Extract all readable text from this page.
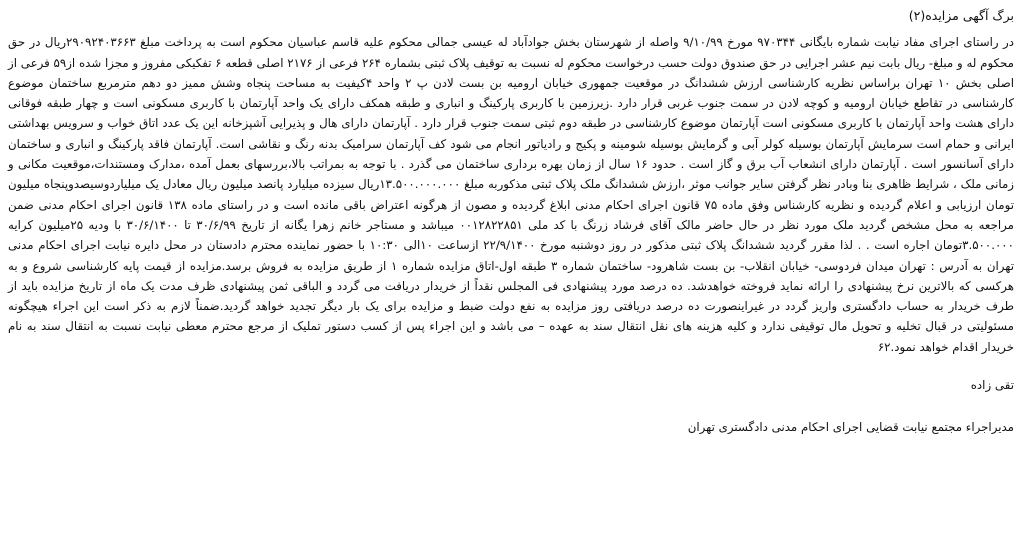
برگ آگهی مزایده(۲)

در راستای اجرای مفاد نیابت شماره بایگانی ۹۷۰۳۴۴ مورخ ۹/۱۰/۹۹ واصله از شهرستان بخش جوادآباد له عیسی جمالی محکوم علیه قاسم عباسیان محکوم است به پرداخت مبلغ ۲۹۰۹۲۴۰۳۶۶۳ریال در حق محکوم له و مبلغ- ریال بابت نیم عشر اجرایی در حق صندوق دولت حسب درخواست محکوم له نسبت به توقیف پلاک ثبتی بشماره ۲۶۴ فرعی از ۲۱۷۶ اصلی قطعه ۶ تفکیکی مفروز و مجزا شده از۵۹ فرعی از اصلی بخش ۱۰ تهران براساس نظریه کارشناسی ارزش ششدانگ در موقعیت جمهوری خیابان ارومیه بن بست لادن پ ۲ واحد ۴کیفیت به مساحت پنجاه وشش ممیز دو دهم مترمربع ساختمان موضوع کارشناسی در تقاطع خیابان ارومیه و کوچه لادن در سمت جنوب غربی قرار دارد .زیرزمین با کاربری پارکینگ و انباری و طبقه همکف دارای یک واحد آپارتمان با کاربری مسکونی است و چهار طبقه فوقانی دارای هشت واحد آپارتمان با کاربری مسکونی است آپارتمان موضوع کارشناسی در طبقه دوم ثبتی سمت جنوب قرار دارد . آپارتمان دارای هال و پذیرایی آشپزخانه این یک عدد اتاق خواب و سرویس بهداشتی ایرانی و حمام است سرمایش آپارتمان بوسیله کولر آبی و گرمایش بوسیله شومینه و پکیج و رادیاتور انجام می شود کف آپارتمان سرامیک بدنه رنگ و نقاشی است. آپارتمان فاقد پارکینگ و انباری و ساختمان دارای آسانسور است . آپارتمان دارای انشعاب آب برق و گاز است . حدود ۱۶ سال از زمان بهره برداری ساختمان می گذرد . با توجه به بمراتب بالا،بررسهای بعمل آمده ،مدارک ومستندات،موقعیت مکانی و زمانی ملک ، شرایط ظاهری بنا وبادر نظر گرفتن سایر جوانب موثر ،ارزش ششدانگ ملک پلاک ثبتی مذکوربه مبلغ ۱۳.۵۰۰.۰۰۰.۰۰۰ریال سیزده میلیارد پانصد میلیون ریال معادل یک میلیاردوسیصدوپنجاه میلیون تومان ارزیابی و اعلام گردیده و نظریه کارشناس وفق ماده ۷۵ قانون اجرای احکام مدنی ابلاغ گردیده و مصون از هرگونه اعتراض باقی مانده است و در راستای ماده ۱۳۸ قانون اجرای احکام مدنی ضمن مراجعه به محل مشخص گردید ملک مورد نظر در حال حاضر مالک آقای فرشاد زرنگ با کد ملی ۰۰۱۲۸۲۲۸۵۱ میباشد و مستاجر خانم زهرا یگانه از تاریخ ۳۰/۶/۹۹ تا ۳۰/۶/۱۴۰۰ با ودیه ۲۵میلیون کرایه ۳.۵۰۰.۰۰۰تومان اجاره است . . لذا مقرر گردید ششدانگ پلاک ثبتی مذکور در روز دوشنبه مورخ ۲۲/۹/۱۴۰۰ ازساعت ۱۰الی ۱۰:۳۰ با حضور نماینده محترم دادستان در محل دایره نیابت اجرای احکام مدنی تهران به آدرس : تهران میدان فردوسی- خیابان انقلاب- بن بست شاهرود- ساختمان شماره ۳ طبقه اول-اتاق مزایده شماره ۱ از طریق مزایده به فروش برسد.مزایده از قیمت پایه کارشناسی شروع و به هرکسی که بالاترین نرخ پیشنهادی را ارائه نماید فروخته خواهدشد. ده درصد مورد پیشنهادی فی المجلس نقداً از خریدار دریافت می گردد و الباقی ثمن پیشنهادی ظرف مدت یک ماه از تاریخ مزایده باید از طرف خریدار به حساب دادگستری واریز گردد در غیراینصورت ده درصد دریافتی روز مزایده به نفع دولت ضبط و مزایده برای یک بار دیگر تجدید خواهد گردید.ضمناً لازم به ذکر است این اجراء هیچگونه مسئولیتی در قبال تخلیه و تحویل مال توقیفی ندارد و کلیه هزینه های نقل انتقال سند به عهده – می باشد و این اجراء پس از کسب دستور تملیک از مرجع محترم معطی نیابت نسبت به انتقال سند به نام خریدار اقدام خواهد نمود.۶۲

تقی زاده

مدیراجراء مجتمع نیابت قضایی اجرای احکام مدنی دادگستری تهران
